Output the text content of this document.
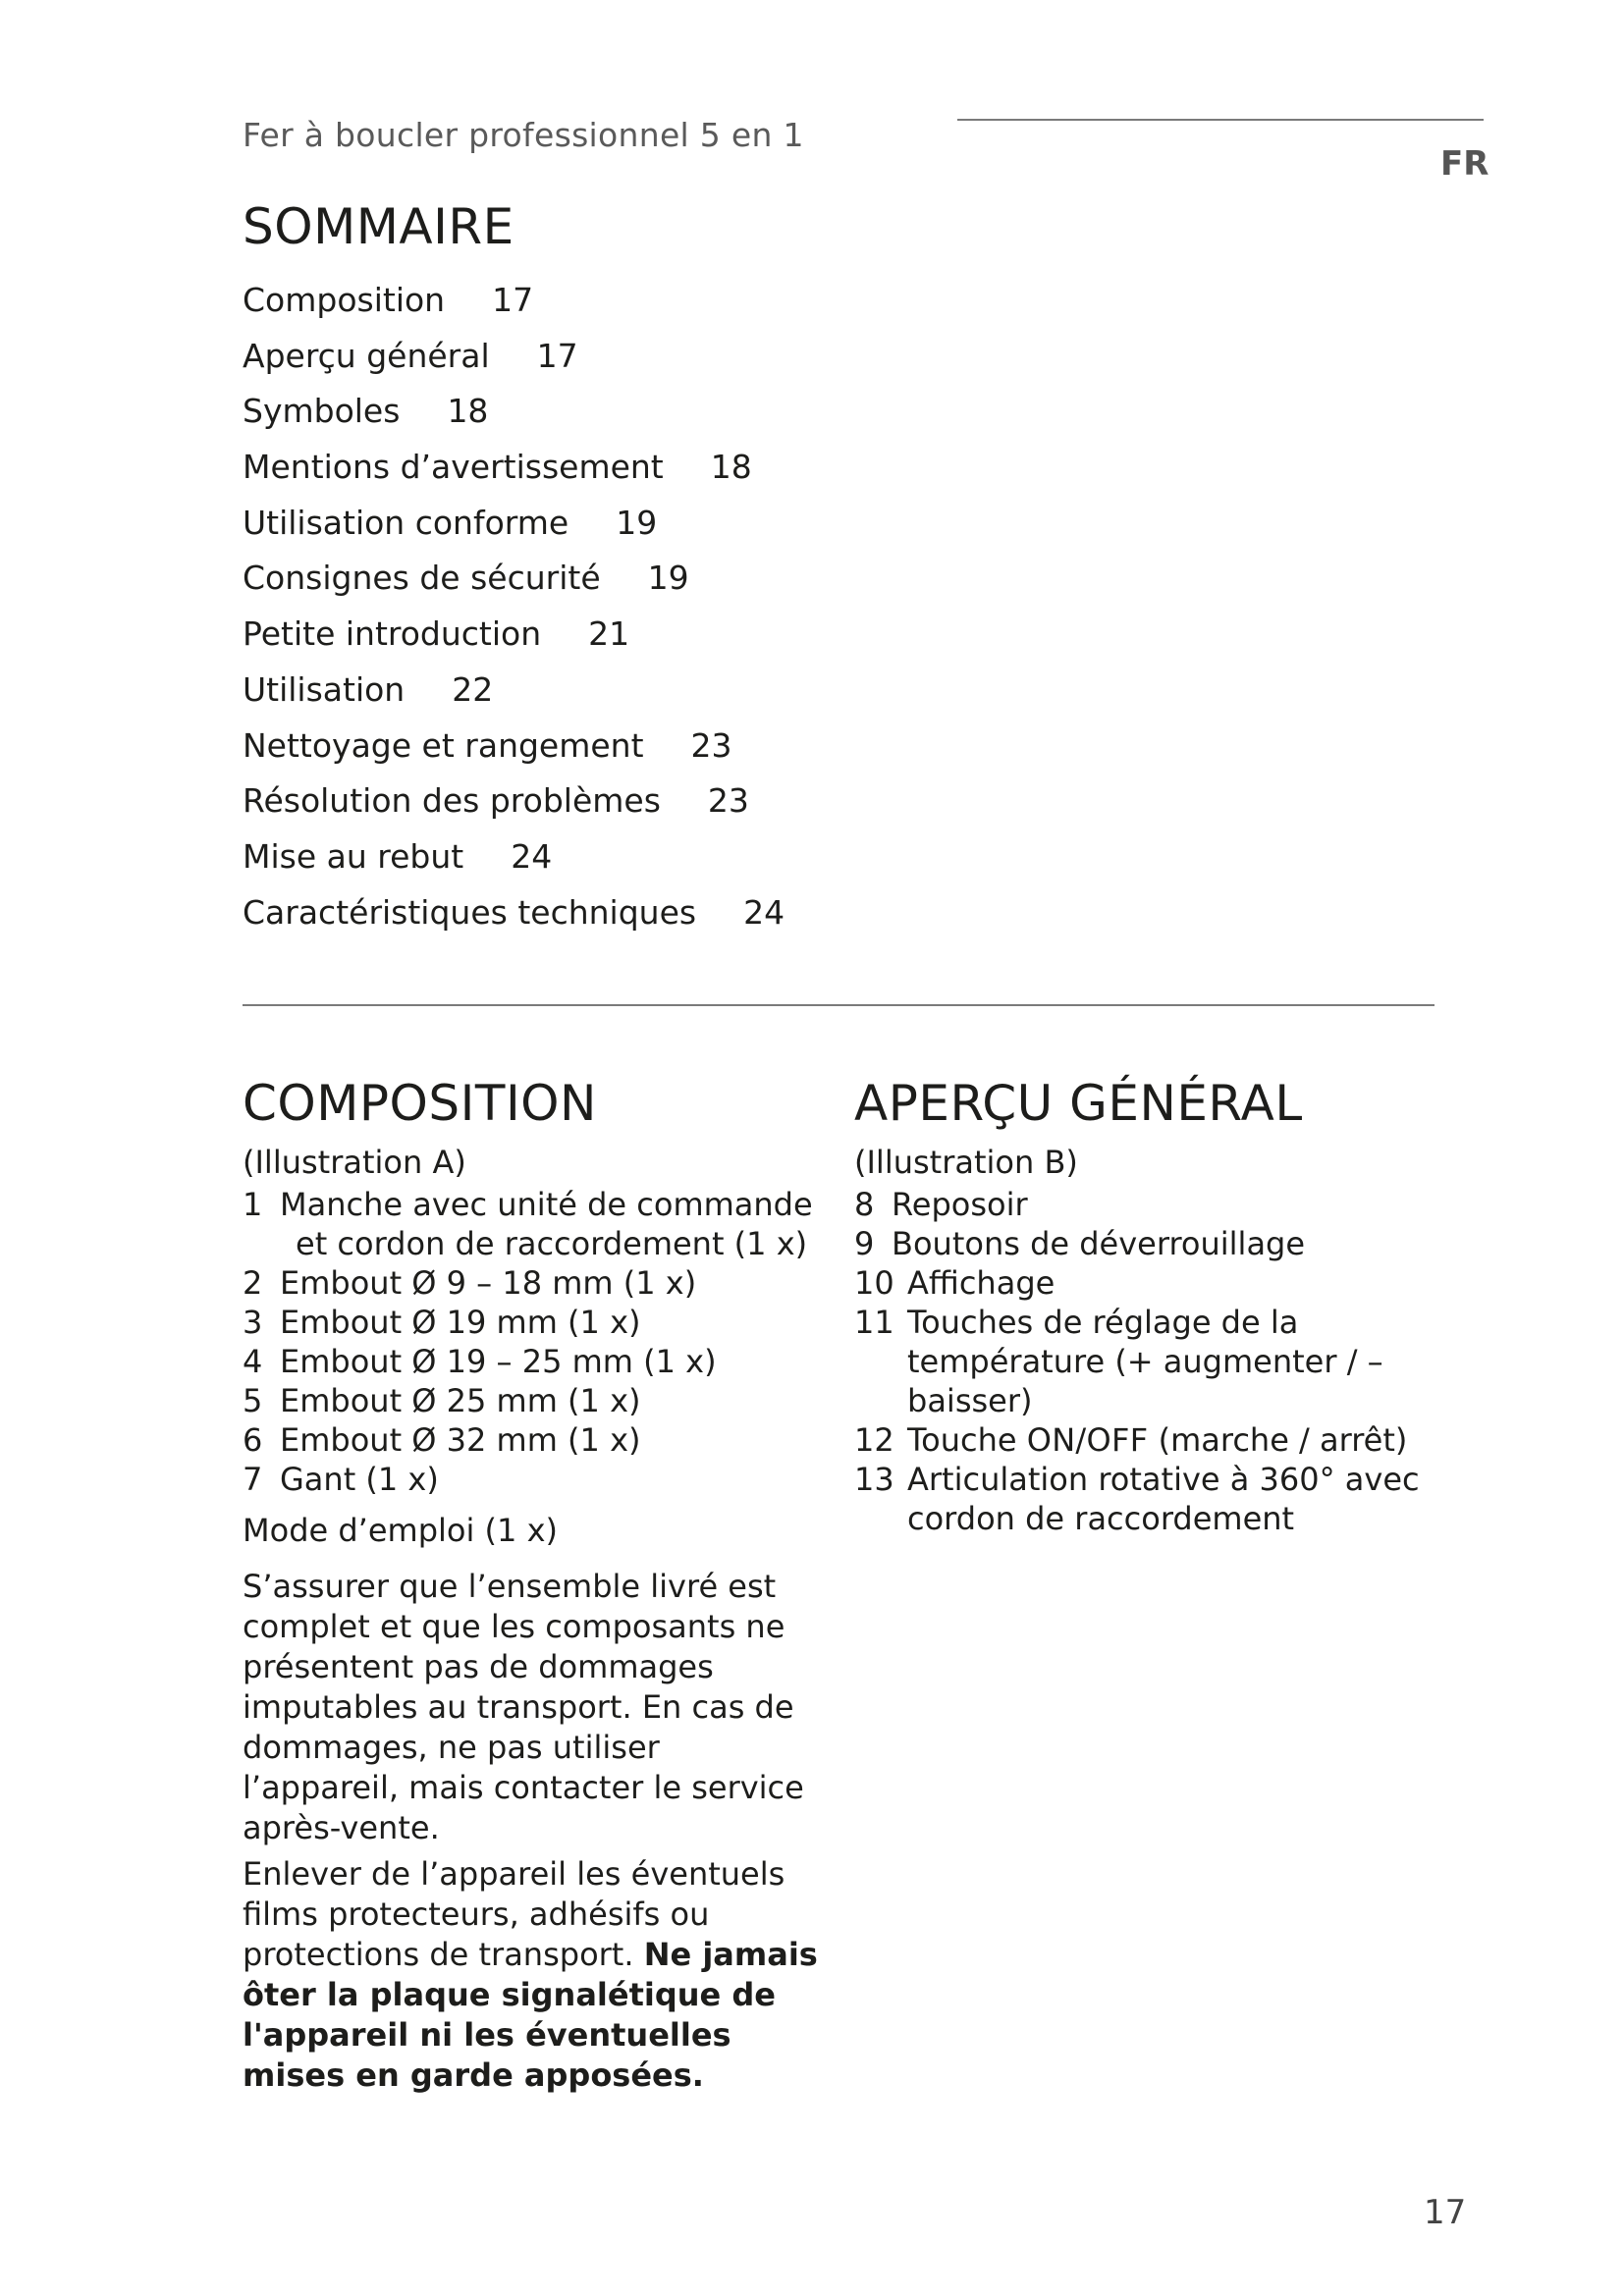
Fer à boucler professionnel 5 en 1
FR
SOMMAIRE
Composition 17
Aperçu général 17
Symboles 18
Mentions d’avertissement 18
Utilisation conforme 19
Consignes de sécurité 19
Petite introduction 21
Utilisation 22
Nettoyage et rangement 23
Résolution des problèmes 23
Mise au rebut 24
Caractéristiques techniques 24
COMPOSITION
(Illustration A)
1 Manche avec unité de commande
et cordon de raccordement (1 x)
2 Embout Ø 9 – 18 mm (1 x)
3 Embout Ø 19 mm (1 x)
4 Embout Ø 19 – 25 mm (1 x)
5 Embout Ø 25 mm (1 x)
6 Embout Ø 32 mm (1 x)
7 Gant (1 x)
Mode d’emploi (1 x)

S’assurer que l’ensemble livré est complet et que les composants ne présentent pas de dommages imputables au transport. En cas de dommages, ne pas utiliser l’appareil, mais contacter le service après-vente.

Enlever de l’appareil les éventuels films protecteurs, adhésifs ou protections de transport. Ne jamais ôter la plaque signalétique de l'appareil ni les éventuelles mises en garde apposées.

APERÇU GÉNÉRAL
(Illustration B)
8 Reposoir
9 Boutons de déverrouillage
10 Affichage
11 Touches de réglage de la température (+ augmenter / – baisser)
12 Touche ON/OFF (marche / arrêt)
13 Articulation rotative à 360° avec cordon de raccordement
17
